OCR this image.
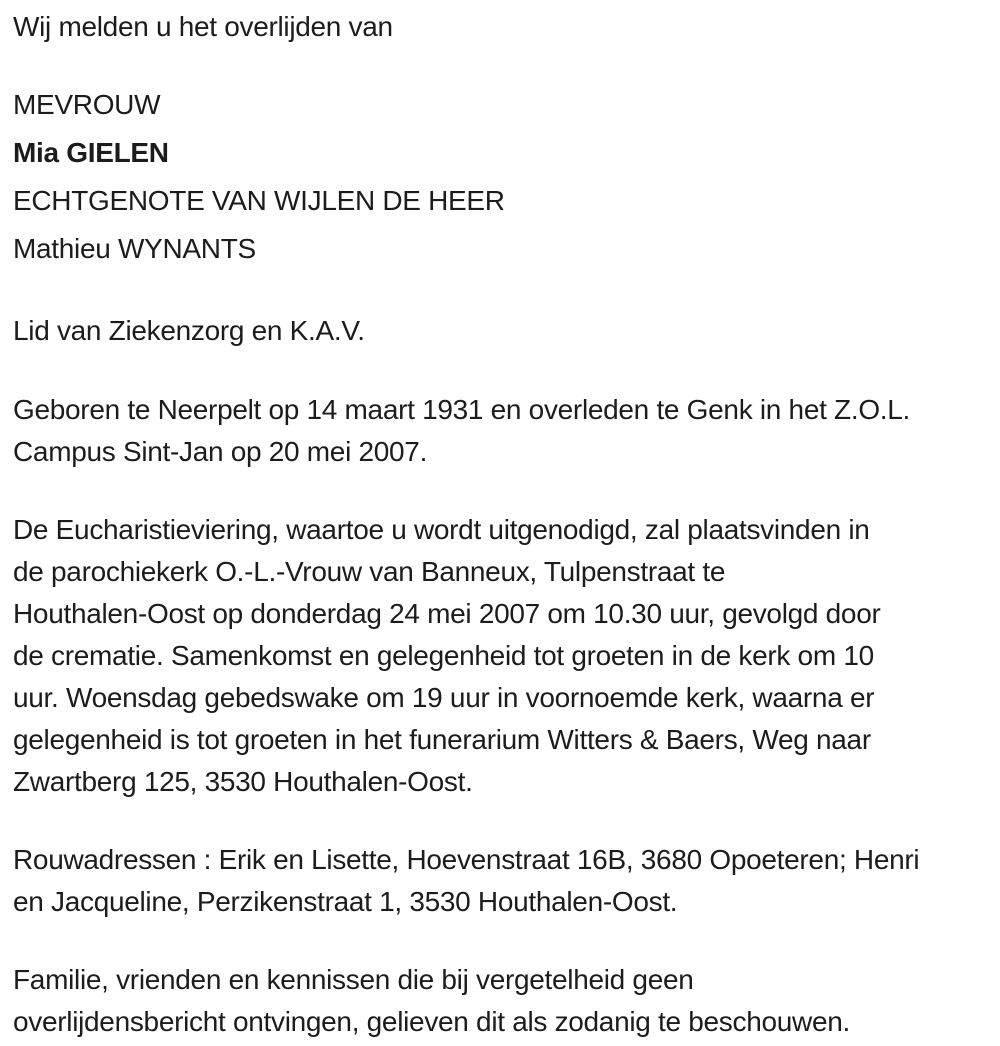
Wij melden u het overlijden van
MEVROUW
Mia GIELEN
ECHTGENOTE VAN WIJLEN DE HEER
Mathieu WYNANTS
Lid van Ziekenzorg en K.A.V.
Geboren te Neerpelt op 14 maart 1931 en overleden te Genk in het Z.O.L.
Campus Sint-Jan op 20 mei 2007.
De Eucharistieviering, waartoe u wordt uitgenodigd, zal plaatsvinden in
de parochiekerk O.-L.-Vrouw van Banneux, Tulpenstraat te
Houthalen-Oost op donderdag 24 mei 2007 om 10.30 uur, gevolgd door
de crematie. Samenkomst en gelegenheid tot groeten in de kerk om 10
uur. Woensdag gebedswake om 19 uur in voornoemde kerk, waarna er
gelegenheid is tot groeten in het funerarium Witters & Baers, Weg naar
Zwartberg 125, 3530 Houthalen-Oost.
Rouwadressen : Erik en Lisette, Hoevenstraat 16B, 3680 Opoeteren; Henri
en Jacqueline, Perzikenstraat 1, 3530 Houthalen-Oost.
Familie, vrienden en kennissen die bij vergetelheid geen
overlijdensbericht ontvingen, gelieven dit als zodanig te beschouwen.
